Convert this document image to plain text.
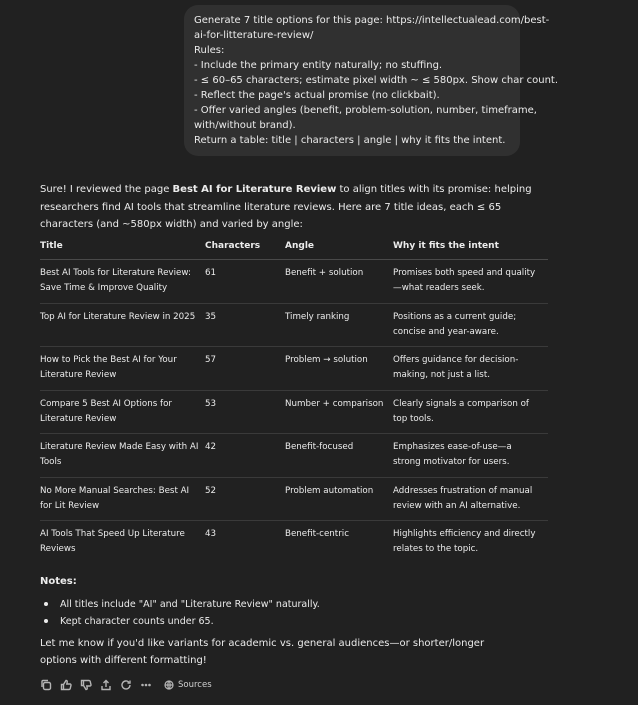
Generate 7 title options for this page: https://intellectualead.com/best-
ai-for-litterature-review/
Rules:
- Include the primary entity naturally; no stuffing.
- ≤ 60–65 characters; estimate pixel width ~ ≤ 580px. Show char count.
- Reflect the page's actual promise (no clickbait).
- Offer varied angles (benefit, problem-solution, number, timeframe,
with/without brand).
Return a table: title | characters | angle | why it fits the intent.

Sure! I reviewed the page Best AI for Literature Review to align titles with its promise: helping researchers find AI tools that streamline literature reviews. Here are 7 title ideas, each ≤ 65 characters (and ~580px width) and varied by angle:

Title	Characters	Angle	Why it fits the intent
Best AI Tools for Literature Review: Save Time & Improve Quality	61	Benefit + solution	Promises both speed and quality—what readers seek.
Top AI for Literature Review in 2025	35	Timely ranking	Positions as a current guide; concise and year-aware.
How to Pick the Best AI for Your Literature Review	57	Problem → solution	Offers guidance for decision-making, not just a list.
Compare 5 Best AI Options for Literature Review	53	Number + comparison	Clearly signals a comparison of top tools.
Literature Review Made Easy with AI Tools	42	Benefit-focused	Emphasizes ease-of-use—a strong motivator for users.
No More Manual Searches: Best AI for Lit Review	52	Problem automation	Addresses frustration of manual review with an AI alternative.
AI Tools That Speed Up Literature Reviews	43	Benefit-centric	Highlights efficiency and directly relates to the topic.
Notes:
All titles include "AI" and "Literature Review" naturally.
Kept character counts under 65.
Let me know if you'd like variants for academic vs. general audiences—or shorter/longer options with different formatting!
Sources
